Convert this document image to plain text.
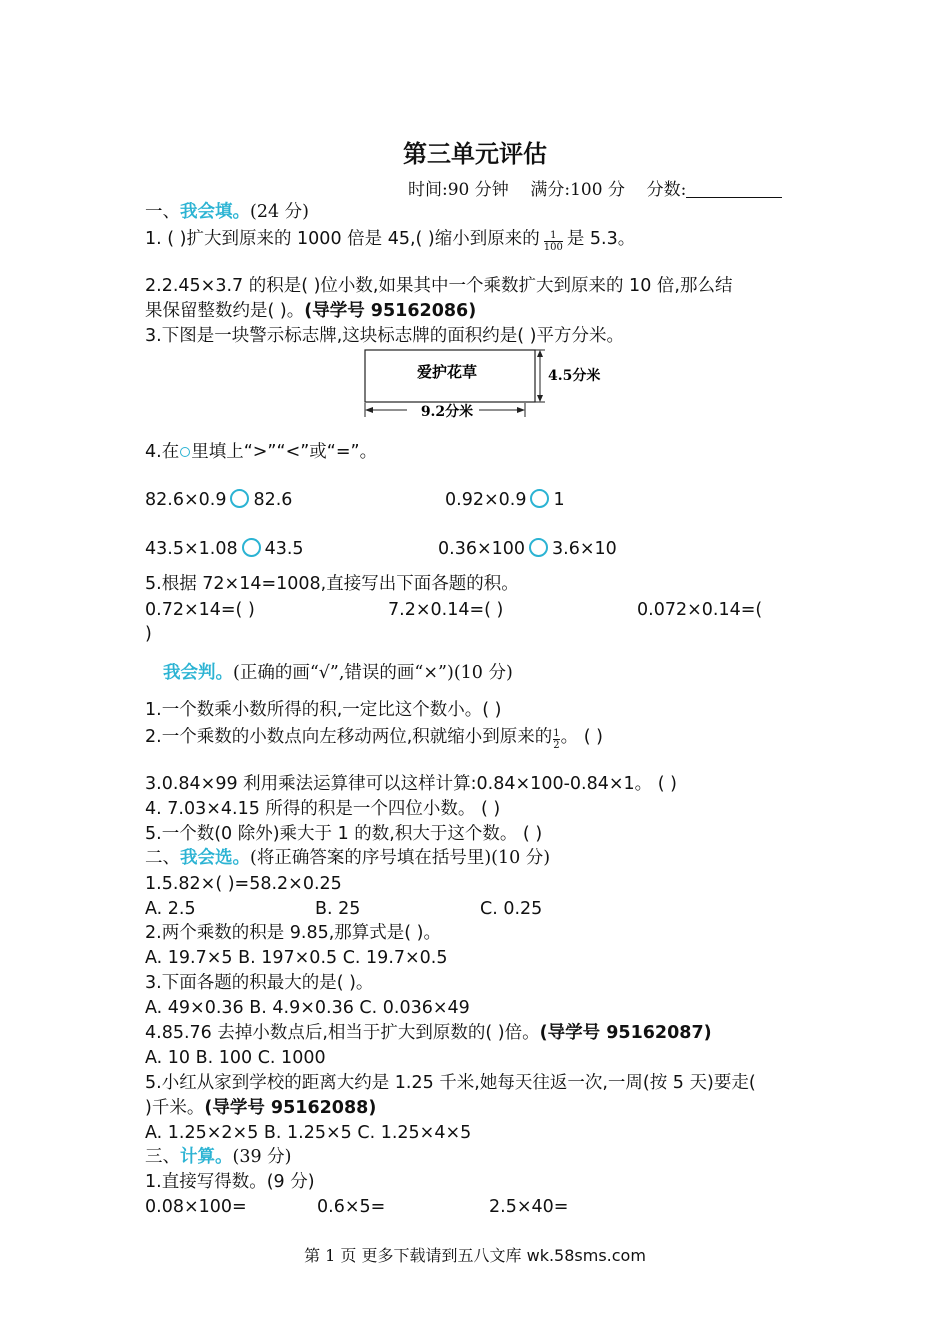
第三单元评估
时间:90 分钟 满分:100 分 分数:
一、我会填。(24 分)
1. ( )扩大到原来的 1000 倍是 45,( )缩小到原来的 $\frac{1}{100}$ 是 5.3。
2.2.45×3.7 的积是( )位小数,如果其中一个乘数扩大到原来的 10 倍,那么结
果保留整数约是( )。(导学号 95162086)
3.下图是一块警示标志牌,这块标志牌的面积约是( )平方分米。
爱护花草
9.2分米
4.5分米
4.在 里填上“>”“<”或“=”。
82.6×0.9 82.6	0.92×0.9 1
43.5×1.08 43.5	0.36×100 3.6×10
5.根据 72×14=1008,直接写出下面各题的积。
0.72×14=( )	7.2×0.14=( )	0.072×0.14=(
)
我会判。(正确的画“√”,错误的画“×”)(10 分)
1.一个数乘小数所得的积,一定比这个数小。( )
2.一个乘数的小数点向左移动两位,积就缩小到原来的 $\frac{1}{2}$ 。 ( )
3.0.84×99 利用乘法运算律可以这样计算:0.84×100-0.84×1。 ( )
4. 7.03×4.15 所得的积是一个四位小数。 ( )
5.一个数(0 除外)乘大于 1 的数,积大于这个数。 ( )
二、我会选。(将正确答案的序号填在括号里)(10 分)
1.5.82×( )=58.2×0.25
A. 2.5	B. 25	C. 0.25
2.两个乘数的积是 9.85,那算式是( )。
A. 19.7×5 B. 197×0.5 C. 19.7×0.5
3.下面各题的积最大的是( )。
A. 49×0.36 B. 4.9×0.36 C. 0.036×49
4.85.76 去掉小数点后,相当于扩大到原数的( )倍。(导学号 95162087)
A. 10 B. 100 C. 1000
5.小红从家到学校的距离大约是 1.25 千米,她每天往返一次,一周(按 5 天)要走(
)千米。(导学号 95162088)
A. 1.25×2×5 B. 1.25×5 C. 1.25×4×5
三、计算。(39 分)
1.直接写得数。(9 分)
0.08×100=	0.6×5=	2.5×40=
第 1 页 更多下载请到五八文库 wk.58sms.com
